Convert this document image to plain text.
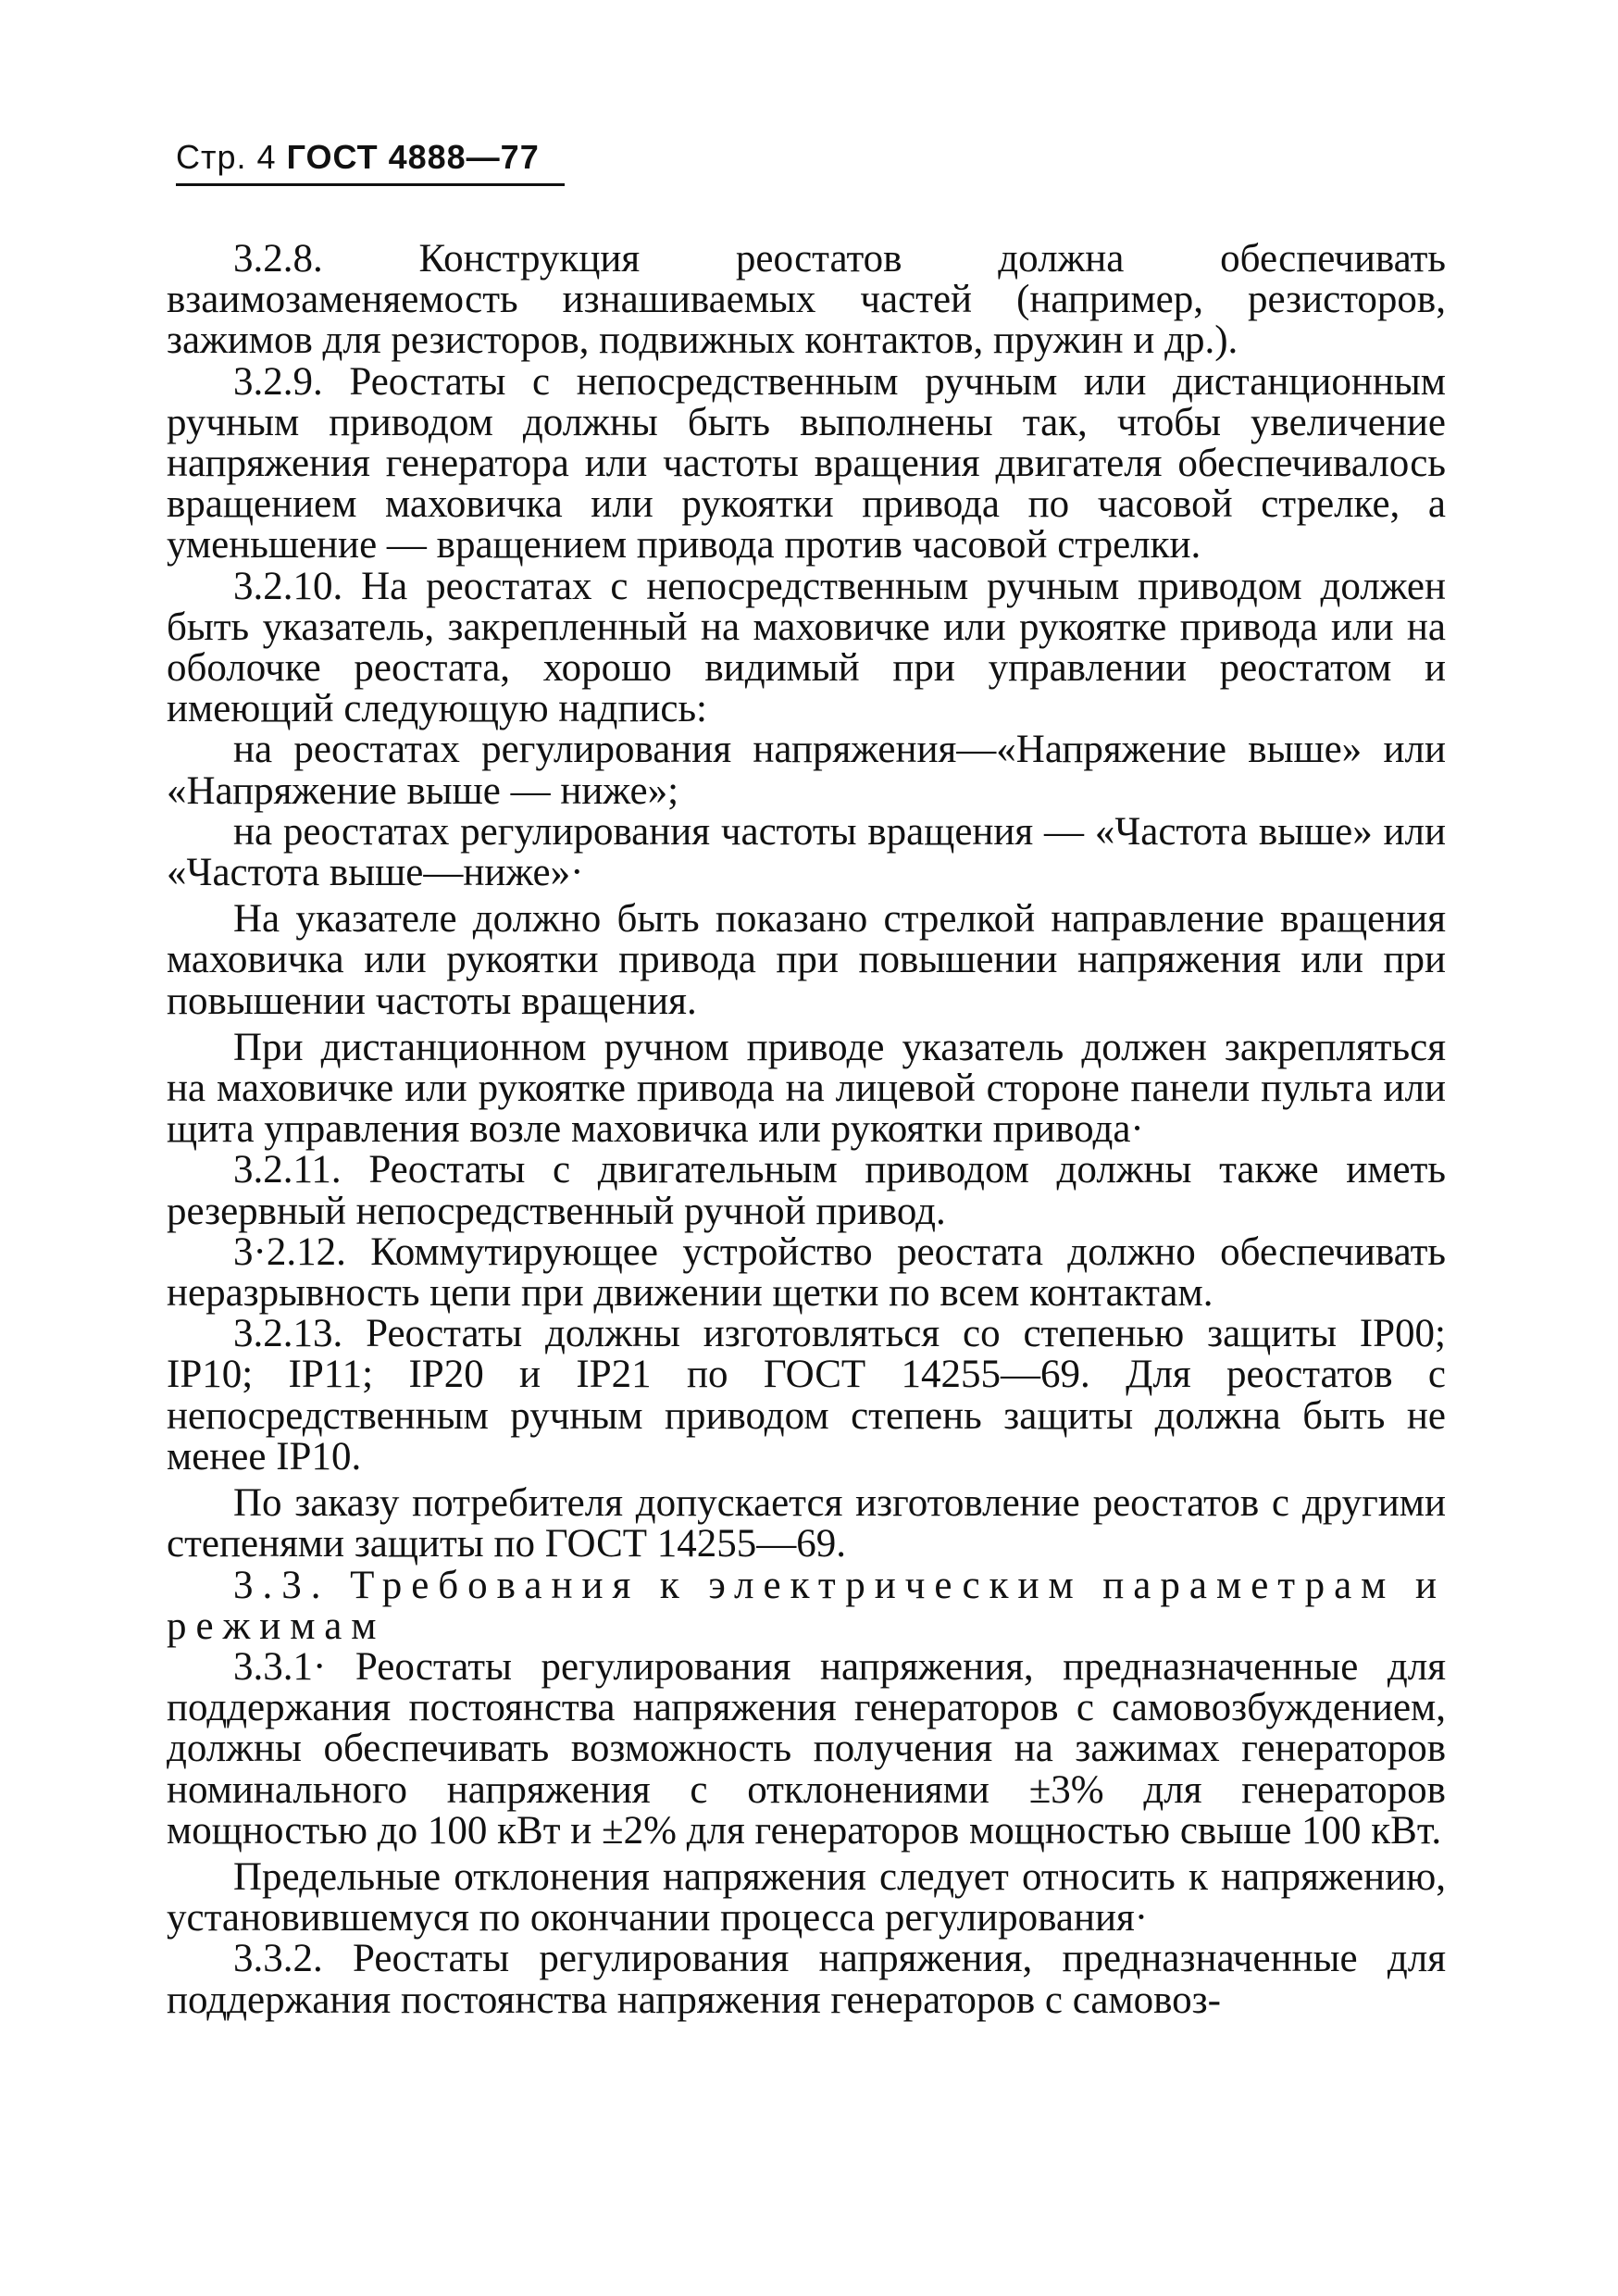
Стр. 4 ГОСТ 4888—77

3.2.8. Конструкция реостатов должна обеспечивать взаимозаменяемость изнашиваемых частей (например, резисторов, зажимов для резисторов, подвижных контактов, пружин и др.).

3.2.9. Реостаты с непосредственным ручным или дистанционным ручным приводом должны быть выполнены так, чтобы увеличение напряжения генератора или частоты вращения двигателя обеспечивалось вращением маховичка или рукоятки привода по часовой стрелке, а уменьшение — вращением привода против часовой стрелки.

3.2.10. На реостатах с непосредственным ручным приводом должен быть указатель, закрепленный на маховичке или рукоятке привода или на оболочке реостата, хорошо видимый при управлении реостатом и имеющий следующую надпись:

на реостатах регулирования напряжения—«Напряжение выше» или «Напряжение выше — ниже»;

на реостатах регулирования частоты вращения — «Частота выше» или «Частота выше—ниже»·

На указателе должно быть показано стрелкой направление вращения маховичка или рукоятки привода при повышении напряжения или при повышении частоты вращения.

При дистанционном ручном приводе указатель должен закрепляться на маховичке или рукоятке привода на лицевой стороне панели пульта или щита управления возле маховичка или рукоятки привода·

3.2.11. Реостаты с двигательным приводом должны также иметь резервный непосредственный ручной привод.

3·2.12. Коммутирующее устройство реостата должно обеспечивать неразрывность цепи при движении щетки по всем контактам.

3.2.13. Реостаты должны изготовляться со степенью защиты IP00; IP10; IP11; IP20 и IP21 по ГОСТ 14255—69. Для реостатов с непосредственным ручным приводом степень защиты должна быть не менее IP10.

По заказу потребителя допускается изготовление реостатов с другими степенями защиты по ГОСТ 14255—69.

3.3. Требования к электрическим параметрам и режимам

3.3.1· Реостаты регулирования напряжения, предназначенные для поддержания постоянства напряжения генераторов с самовозбуждением, должны обеспечивать возможность получения на зажимах генераторов номинального напряжения с отклонениями ±3% для генераторов мощностью до 100 кВт и ±2% для генераторов мощностью свыше 100 кВт.

Предельные отклонения напряжения следует относить к напряжению, установившемуся по окончании процесса регулирования·

3.3.2. Реостаты регулирования напряжения, предназначенные для поддержания постоянства напряжения генераторов с самовоз-
